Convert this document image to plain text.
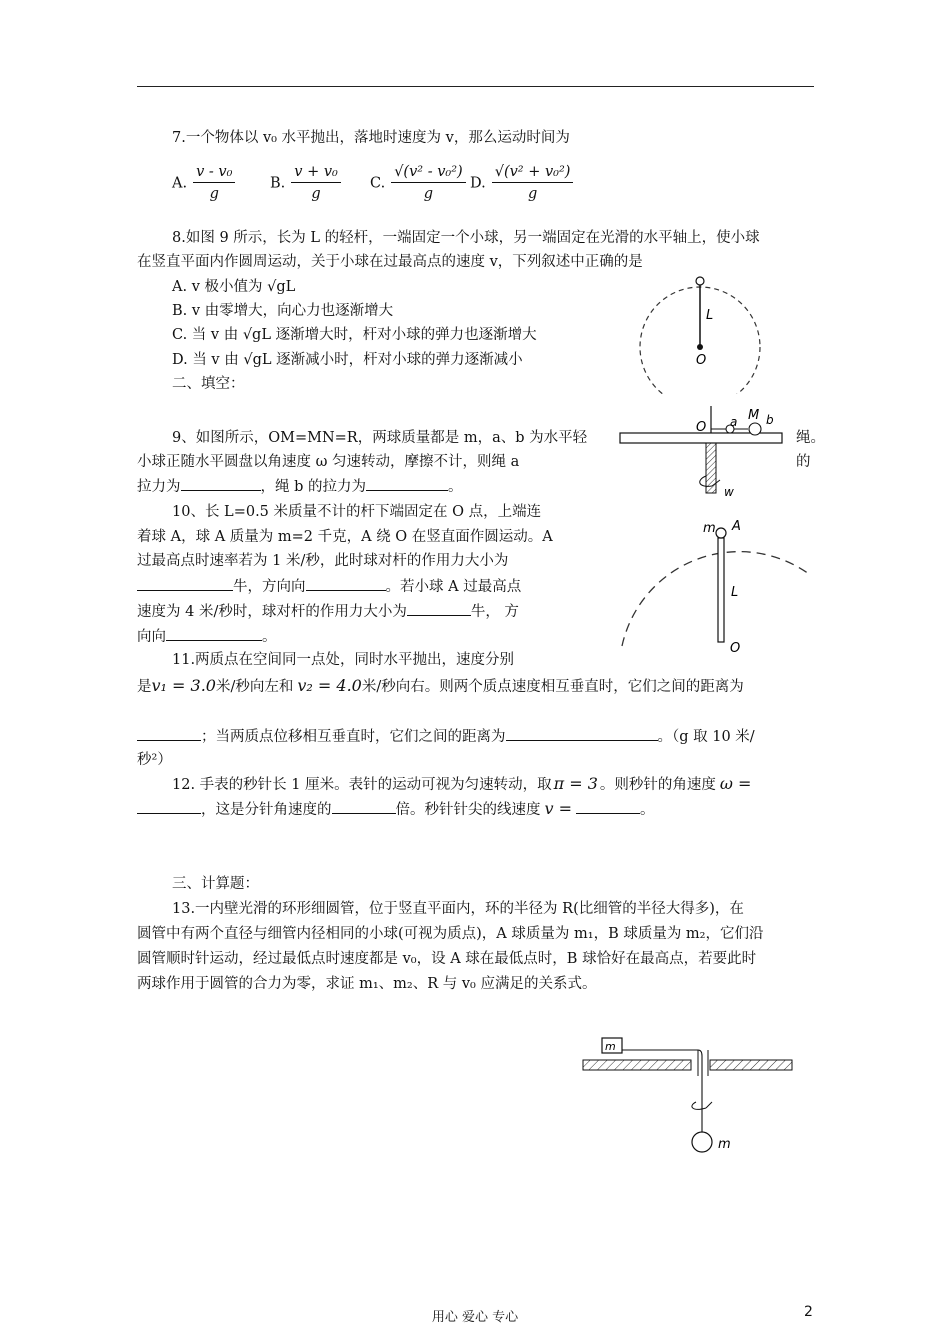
7.一个物体以 v₀ 水平抛出，落地时速度为 v，那么运动时间为
A. $\frac{\text{v - v₀}}{g} B$. $\frac{\text{v + v₀}}{g} C$. $\frac{\text{√(v² - v₀²)}}{g} D$. $\frac{\text{√(v² + v₀²)}}{g}$
8.如图 9 所示，长为 L 的轻杆，一端固定一个小球，另一端固定在光滑的水平轴上，使小球
在竖直平面内作圆周运动，关于小球在过最高点的速度 v，下列叙述中正确的是
A. v 极小值为 √gL
B. v 由零增大，向心力也逐渐增大
C. 当 v 由 √gL 逐渐增大时，杆对小球的弹力也逐渐增大
D. 当 v 由 √gL 逐渐减小时，杆对小球的弹力逐渐减小
L
O
二、填空：
9、如图所示，OM=MN=R，两球质量都是 m，a、b 为水平轻	绳。
小球正随水平圆盘以角速度 ω 匀速转动，摩擦不计，则绳 a	的
拉力为	，绳 b 的拉力为	。
O a M b
w
10、长 L=0.5 米质量不计的杆下端固定在 O 点，上端连
着球 A，球 A 质量为 m=2 千克，A 绕 O 在竖直面作圆运动。A
过最高点时速率若为 1 米/秒，此时球对杆的作用力大小为
牛，方向向	。若小球 A 过最高点
速度为 4 米/秒时，球对杆的作用力大小为	牛， 方
向向	。
m A
L
O
11.两质点在空间同一点处，同时水平抛出，速度分别
是v₁ = 3.0米/秒向左和 v₂ = 4.0米/秒向右。则两个质点速度相互垂直时，它们之间的距离为
；当两质点位移相互垂直时，它们之间的距离为	。（g 取 10 米/
秒²）
12. 手表的秒针长 1 厘米。表针的运动可视为匀速转动，取 π = 3 。则秒针的角速度 ω =
，这是分针角速度的	倍。秒针针尖的线速度 v =	。
三、计算题：
13.一内壁光滑的环形细圆管，位于竖直平面内，环的半径为 R(比细管的半径大得多)，在
圆管中有两个直径与细管内径相同的小球(可视为质点)，A 球质量为 m₁，B 球质量为 m₂，它们沿
圆管顺时针运动，经过最低点时速度都是 v₀，设 A 球在最低点时，B 球恰好在最高点，若要此时
两球作用于圆管的合力为零，求证 m₁、m₂、R 与 v₀ 应满足的关系式。
m
m
用心 爱心 专心	2
